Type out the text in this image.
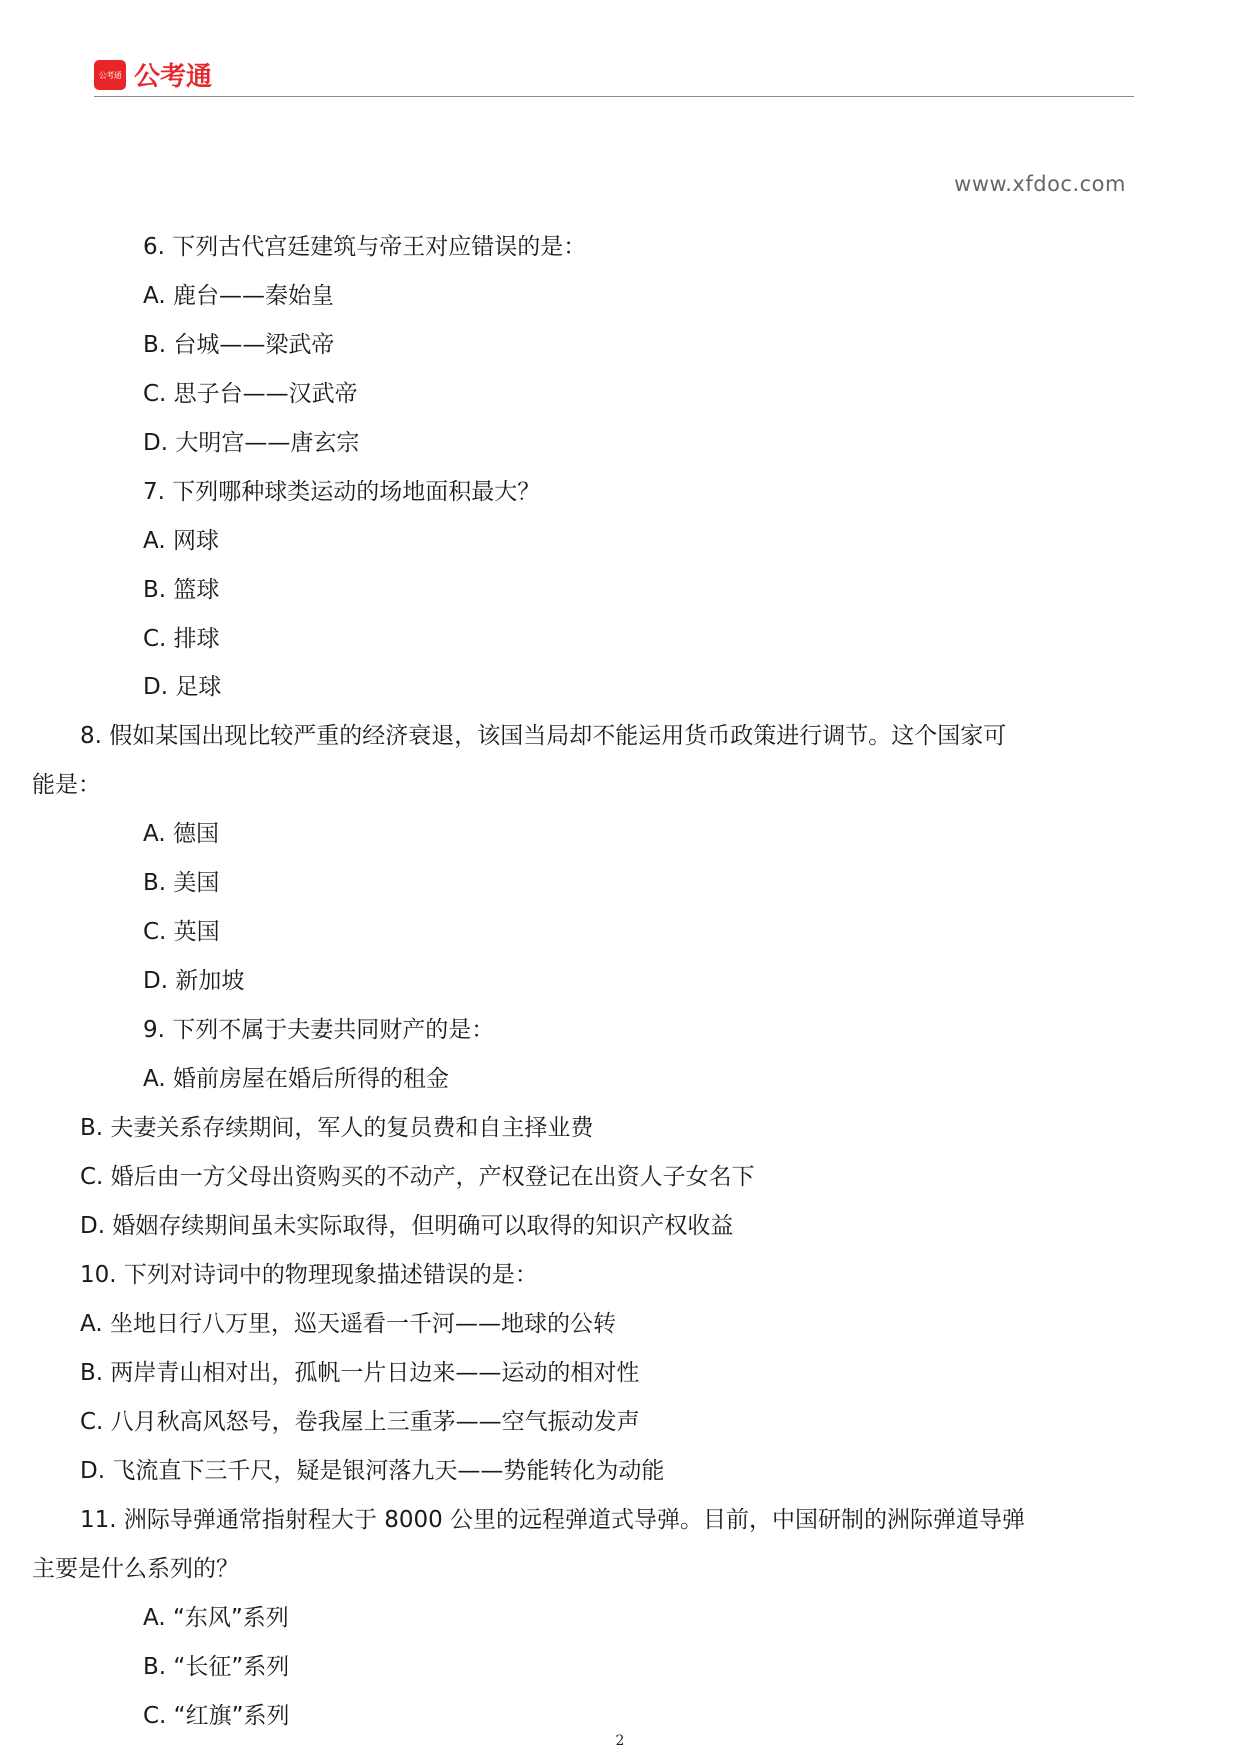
公考通 公考通
www.xfdoc.com
6. 下列古代宫廷建筑与帝王对应错误的是：
A. 鹿台——秦始皇
B. 台城——梁武帝
C. 思子台——汉武帝
D. 大明宫——唐玄宗
7. 下列哪种球类运动的场地面积最大？
A. 网球
B. 篮球
C. 排球
D. 足球
8. 假如某国出现比较严重的经济衰退，该国当局却不能运用货币政策进行调节。这个国家可
能是：
A. 德国
B. 美国
C. 英国
D. 新加坡
9. 下列不属于夫妻共同财产的是：
A. 婚前房屋在婚后所得的租金
B. 夫妻关系存续期间，军人的复员费和自主择业费
C. 婚后由一方父母出资购买的不动产，产权登记在出资人子女名下
D. 婚姻存续期间虽未实际取得，但明确可以取得的知识产权收益
10. 下列对诗词中的物理现象描述错误的是：
A. 坐地日行八万里，巡天遥看一千河——地球的公转
B. 两岸青山相对出，孤帆一片日边来——运动的相对性
C. 八月秋高风怒号，卷我屋上三重茅——空气振动发声
D. 飞流直下三千尺，疑是银河落九天——势能转化为动能
11. 洲际导弹通常指射程大于 8000 公里的远程弹道式导弹。目前，中国研制的洲际弹道导弹
主要是什么系列的？
A. “东风”系列
B. “长征”系列
C. “红旗”系列
2
